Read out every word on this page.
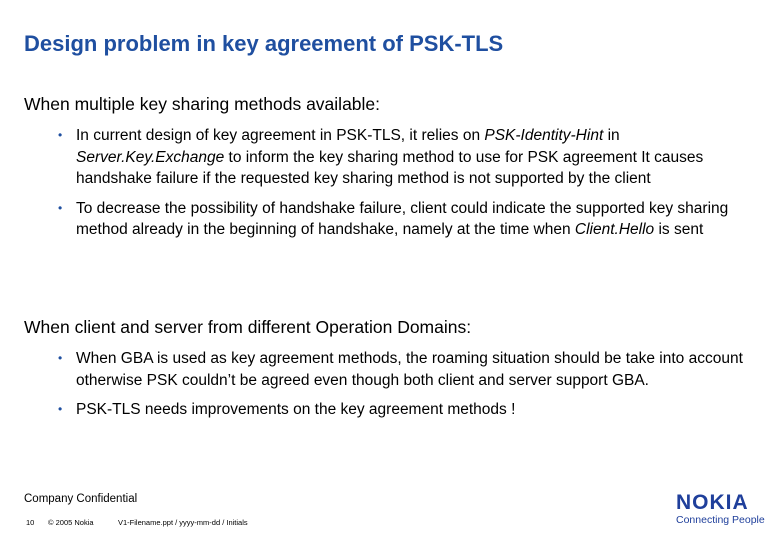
Design problem in key agreement of PSK-TLS
When multiple key sharing methods available:
• In current design of key agreement in PSK-TLS, it relies on PSK-Identity-Hint in Server.Key.Exchange to inform the key sharing method to use for PSK agreement It causes handshake failure if the requested key sharing method is not supported by the client
• To decrease the possibility of handshake failure, client could indicate the supported key sharing method already in the beginning of handshake, namely at the time when Client.Hello is sent
When client and server from different Operation Domains:
• When GBA is used as key agreement methods, the roaming situation should be take into account otherwise PSK couldn’t be agreed even though both client and server support GBA.
• PSK-TLS needs improvements on the key agreement methods !
Company Confidential
10 © 2005 Nokia	V1-Filename.ppt / yyyy-mm-dd / Initials
NOKIA
Connecting People
